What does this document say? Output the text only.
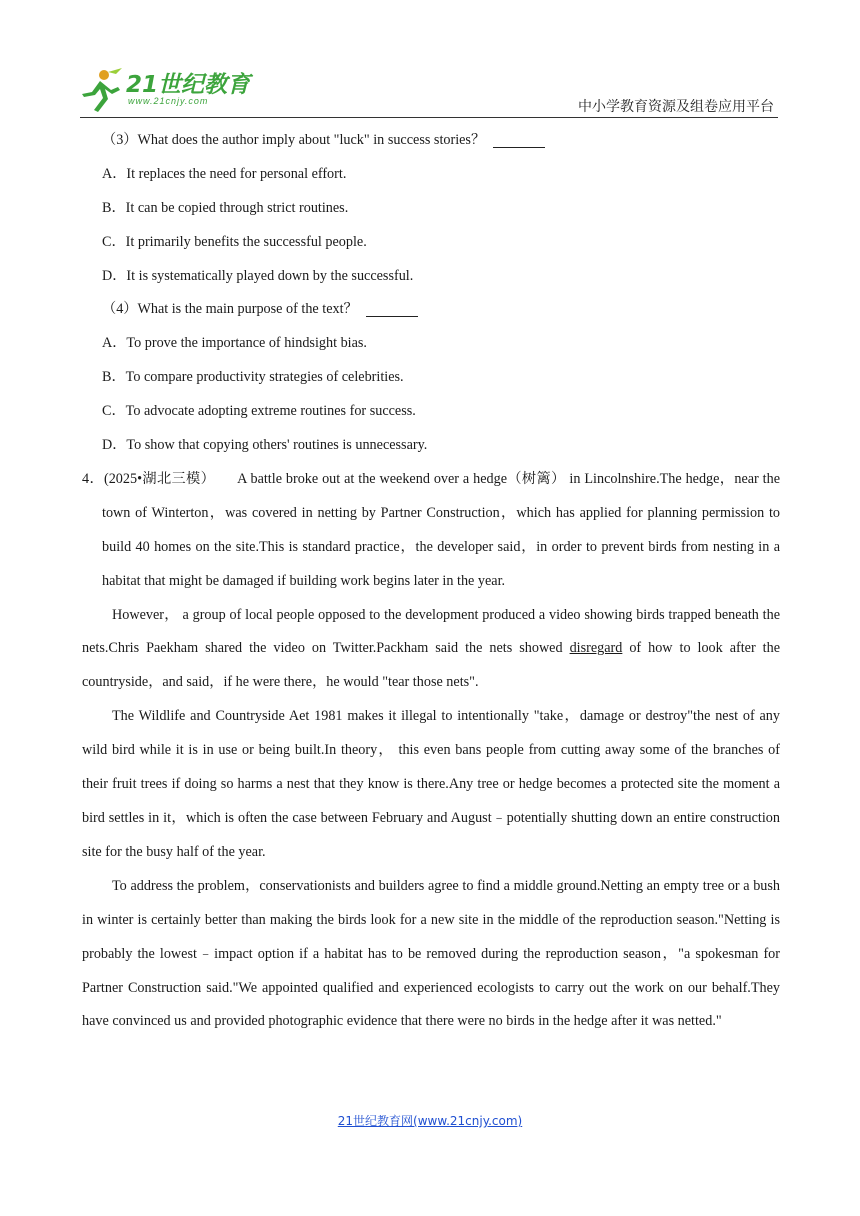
21世纪教育
www.21cnjy.com	中小学教育资源及组卷应用平台
（3）What does the author imply about "luck" in success stories？
A．It replaces the need for personal effort.
B．It can be copied through strict routines.
C．It primarily benefits the successful people.
D．It is systematically played down by the successful.
（4）What is the main purpose of the text？
A．To prove the importance of hindsight bias.
B．To compare productivity strategies of celebrities.
C．To advocate adopting extreme routines for success.
D．To show that copying others' routines is unnecessary.

4．(2025•湖北三模）　　A battle broke out at the weekend over a hedge（树篱） in Lincolnshire.The hedge，near the town of Winterton，was covered in netting by Partner Construction，which has applied for planning permission to build 40 homes on the site.This is standard practice，the developer said，in order to prevent birds from nesting in a habitat that might be damaged if building work begins later in the year.

However， a group of local people opposed to the development produced a video showing birds trapped beneath the nets.Chris Paekham shared the video on Twitter.Packham said the nets showed disregard of how to look after the countryside，and said，if he were there，he would "tear those nets".

The Wildlife and Countryside Aet 1981 makes it illegal to intentionally "take，damage or destroy"the nest of any wild bird while it is in use or being built.In theory， this even bans people from cutting away some of the branches of their fruit trees if doing so harms a nest that they know is there.Any tree or hedge becomes a protected site the moment a bird settles in it，which is often the case between February and August﹣potentially shutting down an entire construction site for the busy half of the year.

To address the problem，conservationists and builders agree to find a middle ground.Netting an empty tree or a bush in winter is certainly better than making the birds look for a new site in the middle of the reproduction season."Netting is probably the lowest﹣impact option if a habitat has to be removed during the reproduction season，"a spokesman for Partner Construction said."We appointed qualified and experienced ecologists to carry out the work on our behalf.They have convinced us and provided photographic evidence that there were no birds in the hedge after it was netted."

21世纪教育网(www.21cnjy.com)
